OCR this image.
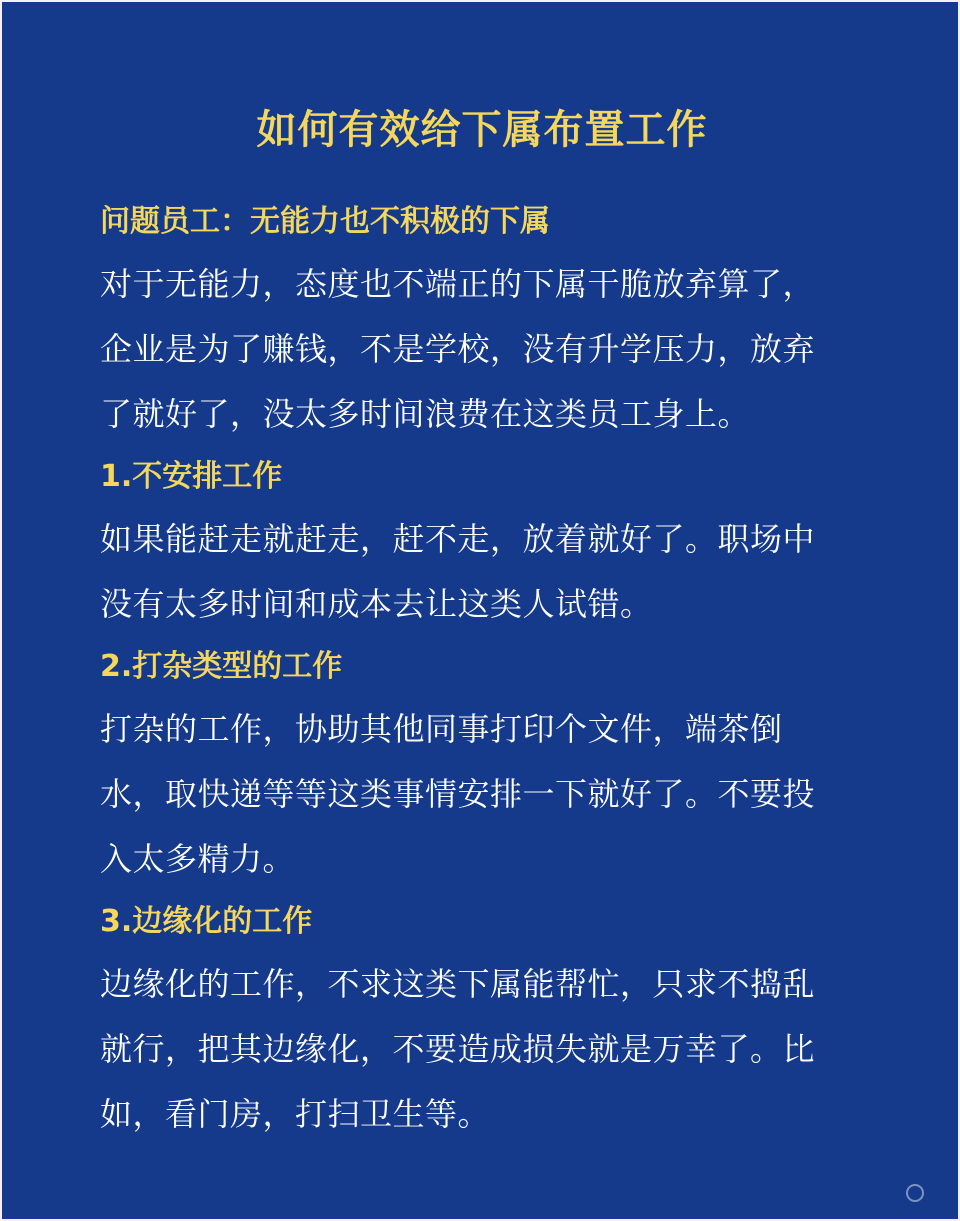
如何有效给下属布置工作
问题员工：无能力也不积极的下属
对于无能力，态度也不端正的下属干脆放弃算了，
企业是为了赚钱，不是学校，没有升学压力，放弃
了就好了，没太多时间浪费在这类员工身上。
1.不安排工作
如果能赶走就赶走，赶不走，放着就好了。职场中
没有太多时间和成本去让这类人试错。
2.打杂类型的工作
打杂的工作，协助其他同事打印个文件，端茶倒
水，取快递等等这类事情安排一下就好了。不要投
入太多精力。
3.边缘化的工作
边缘化的工作，不求这类下属能帮忙，只求不捣乱
就行，把其边缘化，不要造成损失就是万幸了。比
如，看门房，打扫卫生等。
